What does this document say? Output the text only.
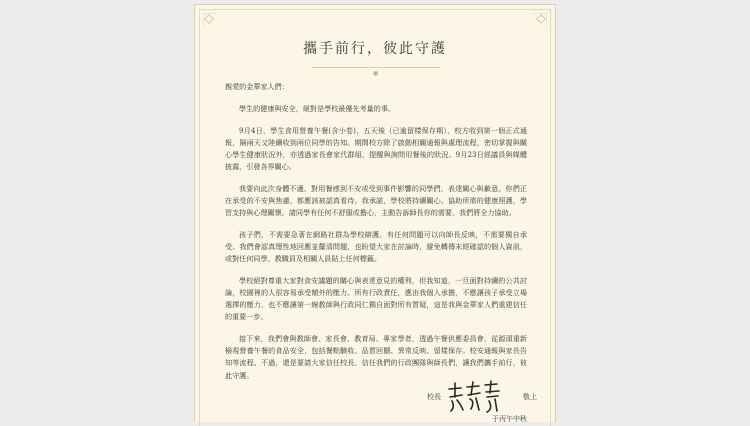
攜手前行，彼此守護
●

親愛的金華家人們：

學生的健康與安全，絕對是學校最優先考量的事。

9月4日，學生食用營養午餐(含小卷)，五天後（已逾留樣保存期），校方收到第一個正式通報，隔兩天又陸續收到兩位同學的告知。期間校方除了啟動相關通報與處理流程，密切掌握與關心學生健康狀況外，亦透過家長會家代群組，提醒與詢問用餐後的狀況。9月23日經議員與媒體披露，引發各界關心。

我要向此次身體不適、對用餐感到不安或受到事件影響的同學們，表達關心與歉意。你們正在承受的不安與焦慮，都應該被認真看待。我承諾，學校將持續關心、協助所需的健康照護，學習支持與心理關懷。請同學有任何不舒服或擔心，主動告訴師長你的需要，我們將全力協助。

孩子們，不需要急著在網路社群為學校辯護，有任何問題可以向師長反映，不需要獨自承受。我們會認真理性地回應並釐清問題，也盼望大家在討論時，避免轉傳未經確認的個人資訊，或對任何同學、教職員及相關人員貼上任何標籤。

學校絕對尊重大家對食安議題的關心與表達意見的權利，但我知道，一旦面對持續的公共討論，校園裡的人很容易承受額外的壓力。所有行政責任，應由我個人承擔，不應讓孩子承受立場選擇的壓力，也不應讓第一線教師與行政同仁獨自面對所有質疑，這是我與金華家人們重建信任的重要一步。

接下來，我們會與教師會、家長會、教育局、專家學者，透過午餐供應委員會，從源頭重新檢視營養午餐的食品安全，包括餐點驗收、品質回饋、異常反映、留樣保存。校安通報與家長告知等流程。不過，還是要請大家信任校長、信任我們的行政團隊與師長們，讓我們攜手前行，彼此守護。

校長	敬上
于丙午中秋
